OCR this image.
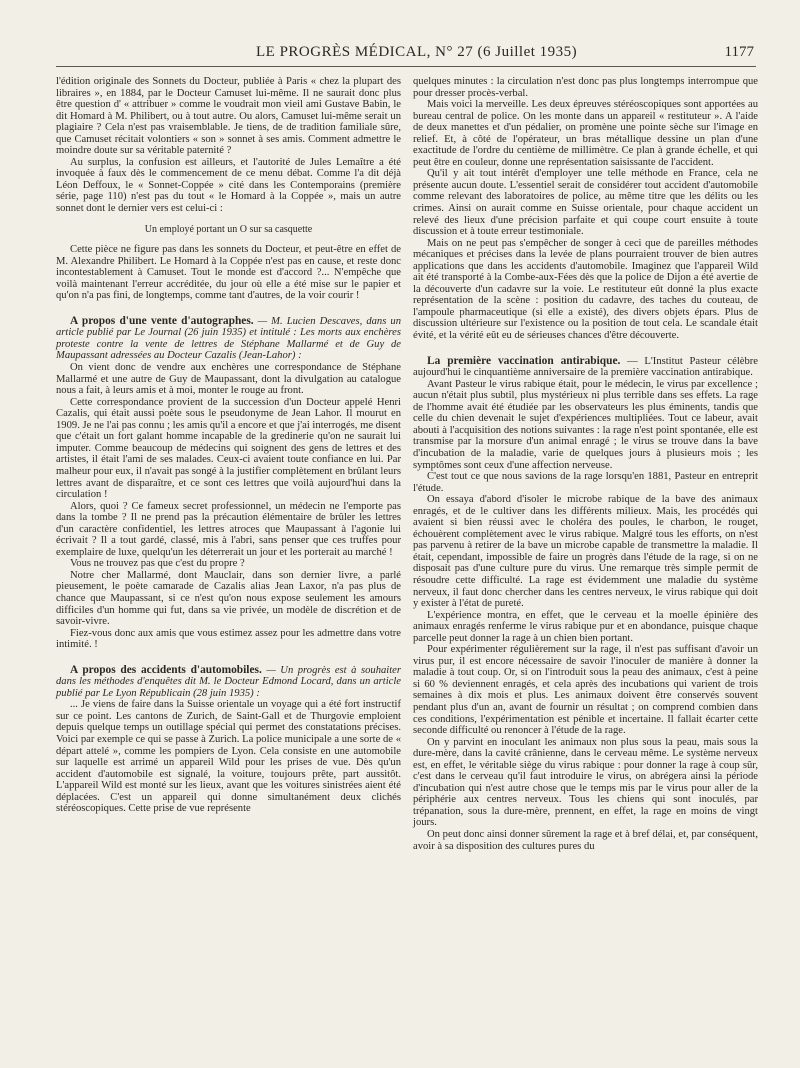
LE PROGRÈS MÉDICAL, N° 27 (6 Juillet 1935)	1177

l'édition originale des Sonnets du Docteur, publiée à Paris « chez la plupart des libraires », en 1884, par le Docteur Camuset lui-même. Il ne saurait donc plus être question d' « attribuer » comme le voudrait mon vieil ami Gustave Babin, le dit Homard à M. Philibert, ou à tout autre. Ou alors, Camuset lui-même serait un plagiaire ? Cela n'est pas vraisemblable. Je tiens, de de tradition familiale sûre, que Camuset récitait volontiers « son » sonnet à ses amis. Comment admettre le moindre doute sur sa véritable paternité ?

Au surplus, la confusion est ailleurs, et l'autorité de Jules Lemaître a été invoquée à faux dès le commencement de ce menu débat. Comme l'a dit déjà Léon Deffoux, le « Sonnet-Coppée » cité dans les Contemporains (première série, page 110) n'est pas du tout « le Homard à la Coppée », mais un autre sonnet dont le dernier vers est celui-ci :

Un employé portant un O sur sa casquette

Cette pièce ne figure pas dans les sonnets du Docteur, et peut-être en effet de M. Alexandre Philibert. Le Homard à la Coppée n'est pas en cause, et reste donc incontestablement à Camuset. Tout le monde est d'accord ?... N'empêche que voilà maintenant l'erreur accréditée, du jour où elle a été mise sur le papier et qu'on n'a pas fini, de longtemps, comme tant d'autres, de la voir courir !

A propos d'une vente d'autographes. — M. Lucien Descaves, dans un article publié par Le Journal (26 juin 1935) et intitulé : Les morts aux enchères proteste contre la vente de lettres de Stéphane Mallarmé et de Guy de Maupassant adressées au Docteur Cazalis (Jean-Lahor) :

On vient donc de vendre aux enchères une correspondance de Stéphane Mallarmé et une autre de Guy de Maupassant, dont la divulgation au catalogue nous a fait, à leurs amis et à moi, monter le rouge au front.

Cette correspondance provient de la succession d'un Docteur appelé Henri Cazalis, qui était aussi poète sous le pseudonyme de Jean Lahor. Il mourut en 1909. Je ne l'ai pas connu ; les amis qu'il a encore et que j'ai interrogés, me disent que c'était un fort galant homme incapable de la gredinerie qu'on ne saurait lui imputer. Comme beaucoup de médecins qui soignent des gens de lettres et des artistes, il était l'ami de ses malades. Ceux-ci avaient toute confiance en lui. Par malheur pour eux, il n'avait pas songé à la justifier complètement en brûlant leurs lettres avant de disparaître, et ce sont ces lettres que voilà aujourd'hui dans la circulation !

Alors, quoi ? Ce fameux secret professionnel, un médecin ne l'emporte pas dans la tombe ? Il ne prend pas la précaution élémentaire de brûler les lettres d'un caractère confidentiel, les lettres atroces que Maupassant à l'agonie lui écrivait ? Il a tout gardé, classé, mis à l'abri, sans penser que ces truffes pour exemplaire de luxe, quelqu'un les déterrerait un jour et les porterait au marché !

Vous ne trouvez pas que c'est du propre ?

Notre cher Mallarmé, dont Mauclair, dans son dernier livre, a parlé pieusement, le poète camarade de Cazalis alias Jean Laxor, n'a pas plus de chance que Maupassant, si ce n'est qu'on nous expose seulement les amours difficiles d'un homme qui fut, dans sa vie privée, un modèle de discrétion et de savoir-vivre.

Fiez-vous donc aux amis que vous estimez assez pour les admettre dans votre intimité. !

A propos des accidents d'automobiles. — Un progrès est à souhaiter dans les méthodes d'enquêtes dit M. le Docteur Edmond Locard, dans un article publié par Le Lyon Républicain (28 juin 1935) :

... Je viens de faire dans la Suisse orientale un voyage qui a été fort instructif sur ce point. Les cantons de Zurich, de Saint-Gall et de Thurgovie emploient depuis quelque temps un outillage spécial qui permet des constatations précises. Voici par exemple ce qui se passe à Zurich. La police municipale a une sorte de « départ attelé », comme les pompiers de Lyon. Cela consiste en une automobile sur laquelle est arrimé un appareil Wild pour les prises de vue. Dès qu'un accident d'automobile est signalé, la voiture, toujours prête, part aussitôt. L'appareil Wild est monté sur les lieux, avant que les voitures sinistrées aient été déplacées. C'est un appareil qui donne simultanément deux clichés stéréoscopiques. Cette prise de vue représente

quelques minutes : la circulation n'est donc pas plus longtemps interrompue que pour dresser procès-verbal.

Mais voici la merveille. Les deux épreuves stéréoscopiques sont apportées au bureau central de police. On les monte dans un appareil « restituteur ». A l'aide de deux manettes et d'un pédalier, on promène une pointe sèche sur l'image en relief. Et, à côté de l'opérateur, un bras métallique dessine un plan d'une exactitude de l'ordre du centième de millimètre. Ce plan à grande échelle, et qui peut être en couleur, donne une représentation saisissante de l'accident.

Qu'il y ait tout intérêt d'employer une telle méthode en France, cela ne présente aucun doute. L'essentiel serait de considérer tout accident d'automobile comme relevant des laboratoires de police, au même titre que les délits ou les crimes. Ainsi on aurait comme en Suisse orientale, pour chaque accident un relevé des lieux d'une précision parfaite et qui coupe court ensuite à toute discussion et à toute erreur testimoniale.

Mais on ne peut pas s'empêcher de songer à ceci que de pareilles méthodes mécaniques et précises dans la levée de plans pourraient trouver de bien autres applications que dans les accidents d'automobile. Imaginez que l'appareil Wild ait été transporté à la Combe-aux-Fées dès que la police de Dijon a été avertie de la découverte d'un cadavre sur la voie. Le restituteur eût donné la plus exacte représentation de la scène : position du cadavre, des taches du couteau, de l'ampoule pharmaceutique (si elle a existé), des divers objets épars. Plus de discussion ultérieure sur l'existence ou la position de tout cela. Le scandale était évité, et la vérité eût eu de sérieuses chances d'être découverte.

La première vaccination antirabique. — L'Institut Pasteur célèbre aujourd'hui le cinquantième anniversaire de la première vaccination antirabique.

Avant Pasteur le virus rabique était, pour le médecin, le virus par excellence ; aucun n'était plus subtil, plus mystérieux ni plus terrible dans ses effets. La rage de l'homme avait été étudiée par les observateurs les plus éminents, tandis que celle du chien devenait le sujet d'expériences multipliées. Tout ce labeur, avait abouti à l'acquisition des notions suivantes : la rage n'est point spontanée, elle est transmise par la morsure d'un animal enragé ; le virus se trouve dans la bave d'incubation de la maladie, varie de quelques jours à plusieurs mois ; les symptômes sont ceux d'une affection nerveuse.

C'est tout ce que nous savions de la rage lorsqu'en 1881, Pasteur en entreprit l'étude.

On essaya d'abord d'isoler le microbe rabique de la bave des animaux enragés, et de le cultiver dans les différents milieux. Mais, les procédés qui avaient si bien réussi avec le choléra des poules, le charbon, le rouget, échouèrent complètement avec le virus rabique. Malgré tous les efforts, on n'est pas parvenu à retirer de la bave un microbe capable de transmettre la maladie. Il était, cependant, impossible de faire un progrès dans l'étude de la rage, si on ne disposait pas d'une culture pure du virus. Une remarque très simple permit de résoudre cette difficulté. La rage est évidemment une maladie du système nerveux, il faut donc chercher dans les centres nerveux, le virus rabique qui doit y exister à l'état de pureté.

L'expérience montra, en effet, que le cerveau et la moelle épinière des animaux enragés renferme le virus rabique pur et en abondance, puisque chaque parcelle peut donner la rage à un chien bien portant.

Pour expérimenter régulièrement sur la rage, il n'est pas suffisant d'avoir un virus pur, il est encore nécessaire de savoir l'inoculer de manière à donner la maladie à tout coup. Or, si on l'introduit sous la peau des animaux, c'est à peine si 60 % deviennent enragés, et cela après des incubations qui varient de trois semaines à dix mois et plus. Les animaux doivent être conservés souvent pendant plus d'un an, avant de fournir un résultat ; on comprend combien dans ces conditions, l'expérimentation est pénible et incertaine. Il fallait écarter cette seconde difficulté ou renoncer à l'étude de la rage.

On y parvint en inoculant les animaux non plus sous la peau, mais sous la dure-mère, dans la cavité crânienne, dans le cerveau même. Le système nerveux est, en effet, le véritable siège du virus rabique : pour donner la rage à coup sûr, c'est dans le cerveau qu'il faut introduire le virus, on abrégera ainsi la période d'incubation qui n'est autre chose que le temps mis par le virus pour aller de la périphérie aux centres nerveux. Tous les chiens qui sont inoculés, par trépanation, sous la dure-mère, prennent, en effet, la rage en moins de vingt jours.

On peut donc ainsi donner sûrement la rage et à bref délai, et, par conséquent, avoir à sa disposition des cultures pures du
